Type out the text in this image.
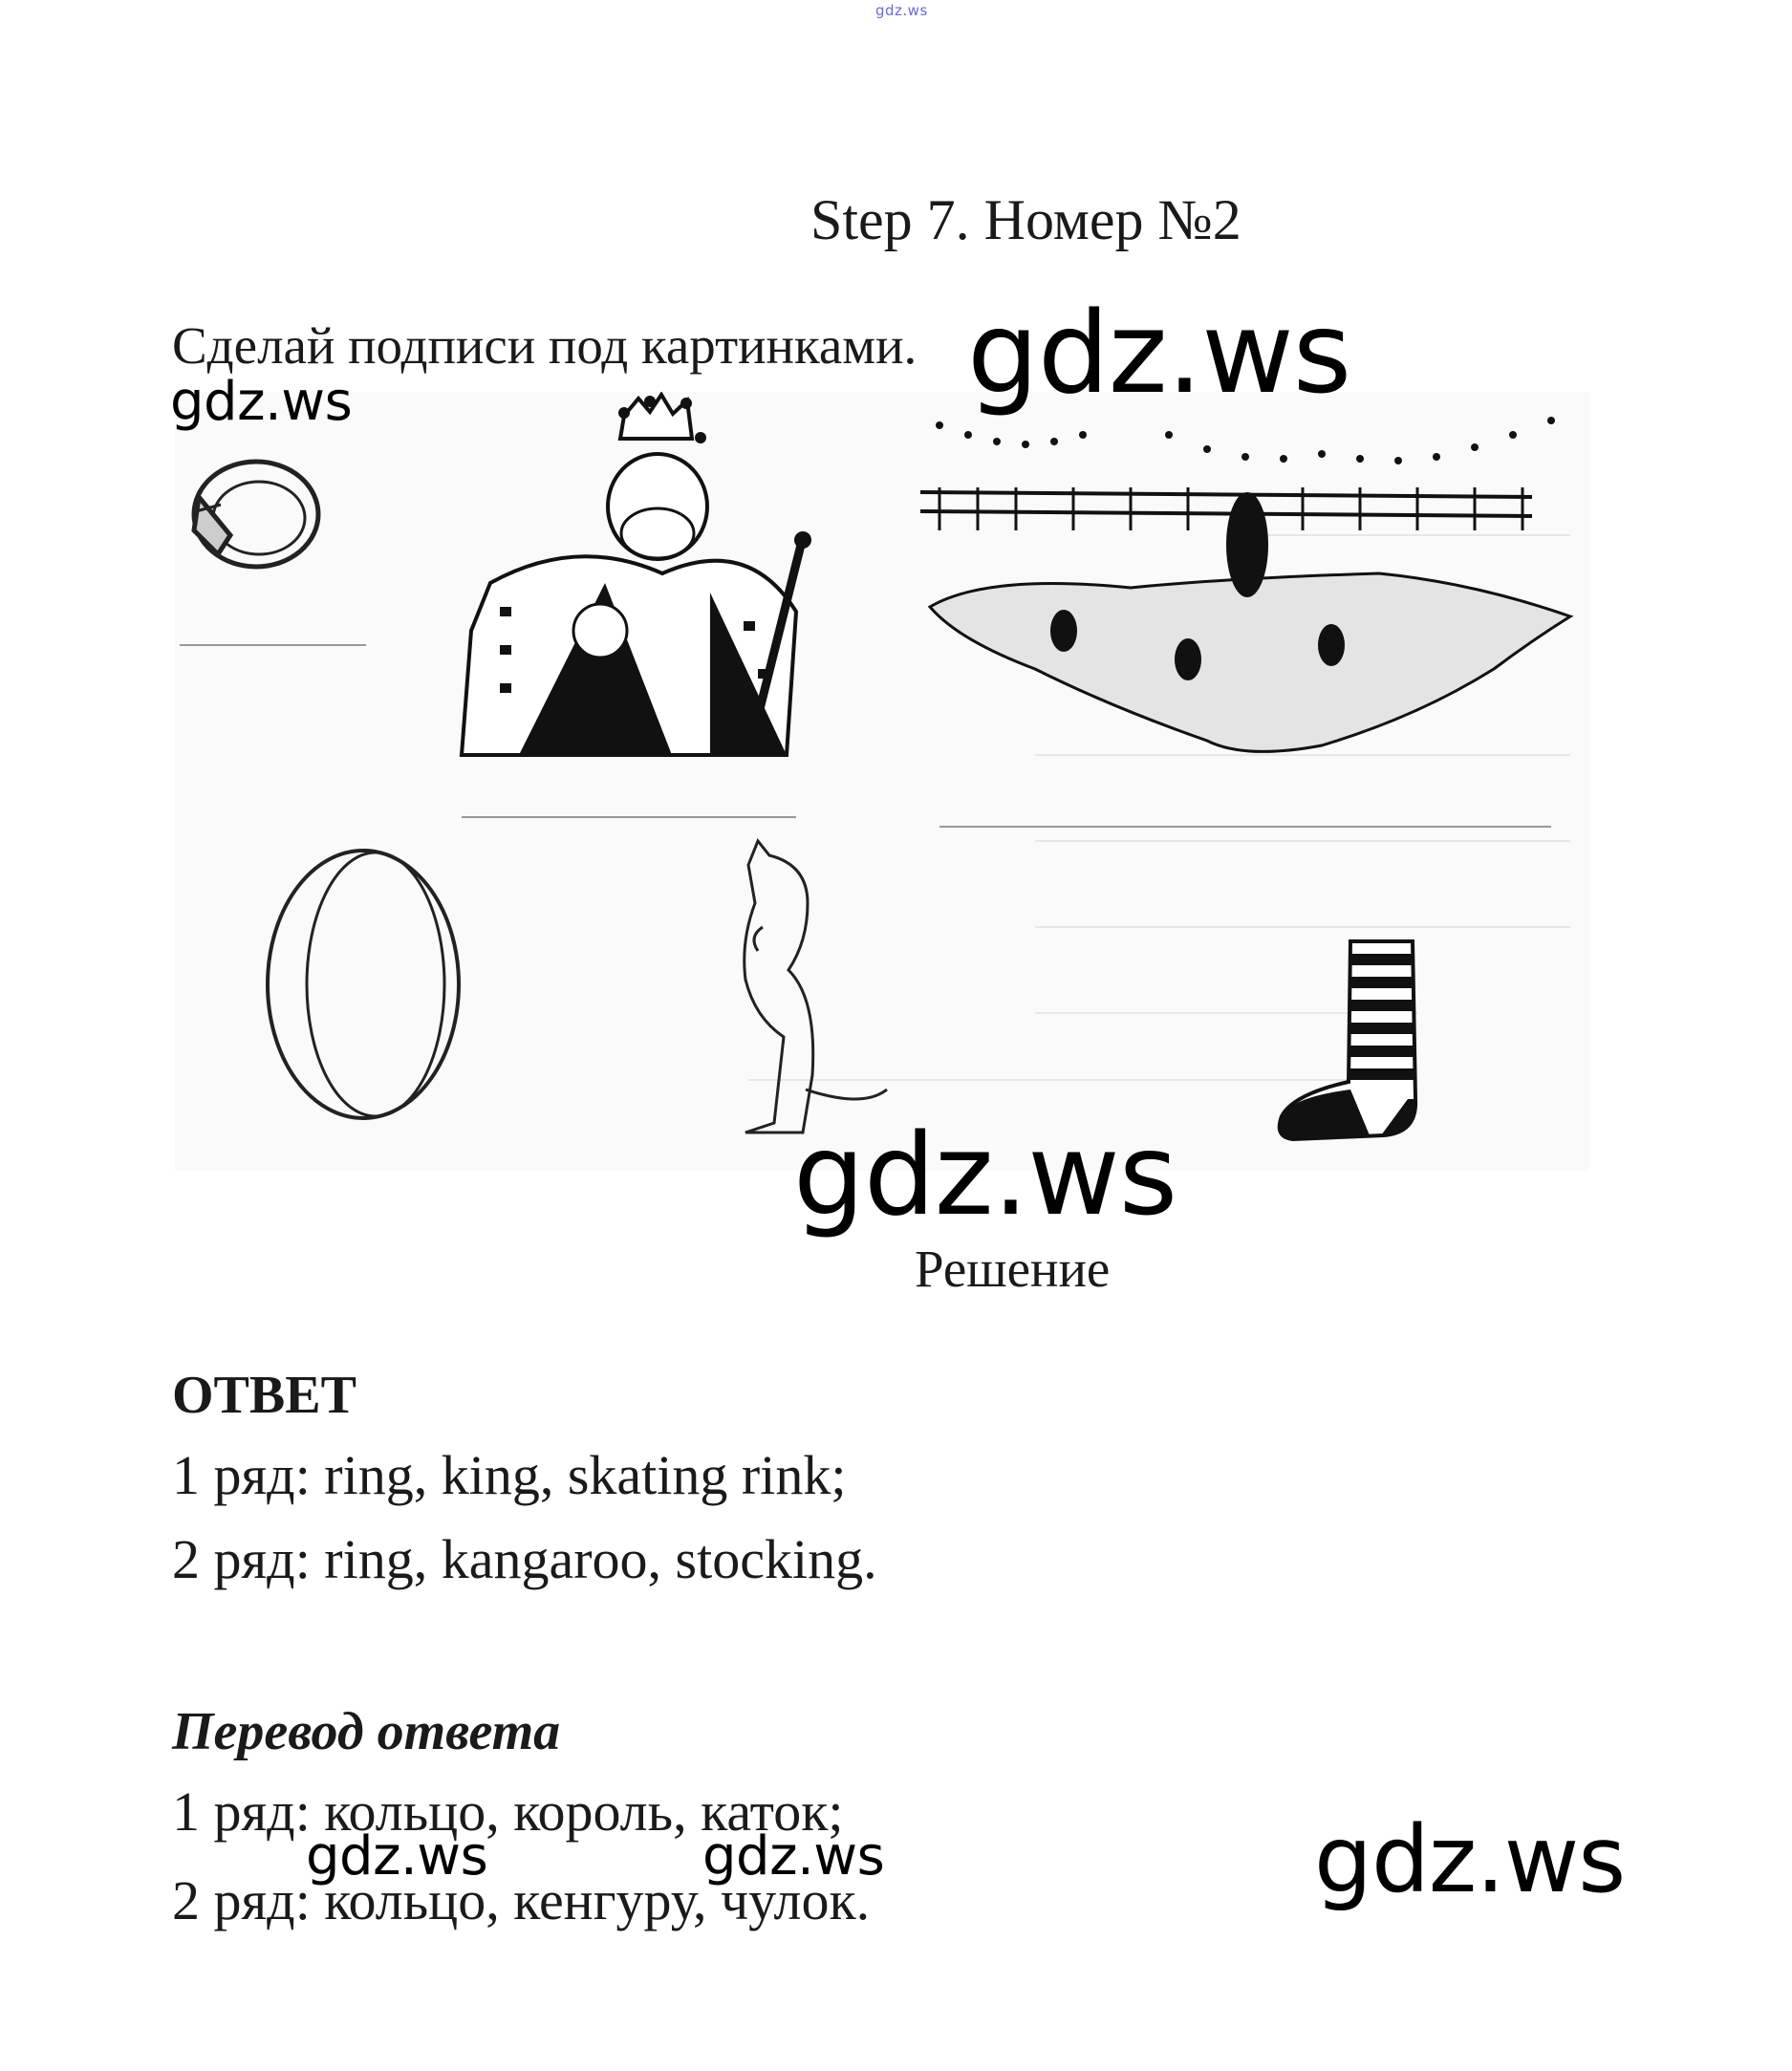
gdz.ws
Step 7. Номер №2
Сделай подписи под картинками. gdz.ws
gdz.ws
gdz.ws
Решение
ОТВЕТ
1 ряд: ring, king, skating rink;
2 ряд: ring, kangaroo, stocking.
Перевод ответа
1 ряд: кольцо, король, каток;
2 ряд: кольцо, кенгуру, чулок.
gdz.ws	gdz.ws	gdz.ws
